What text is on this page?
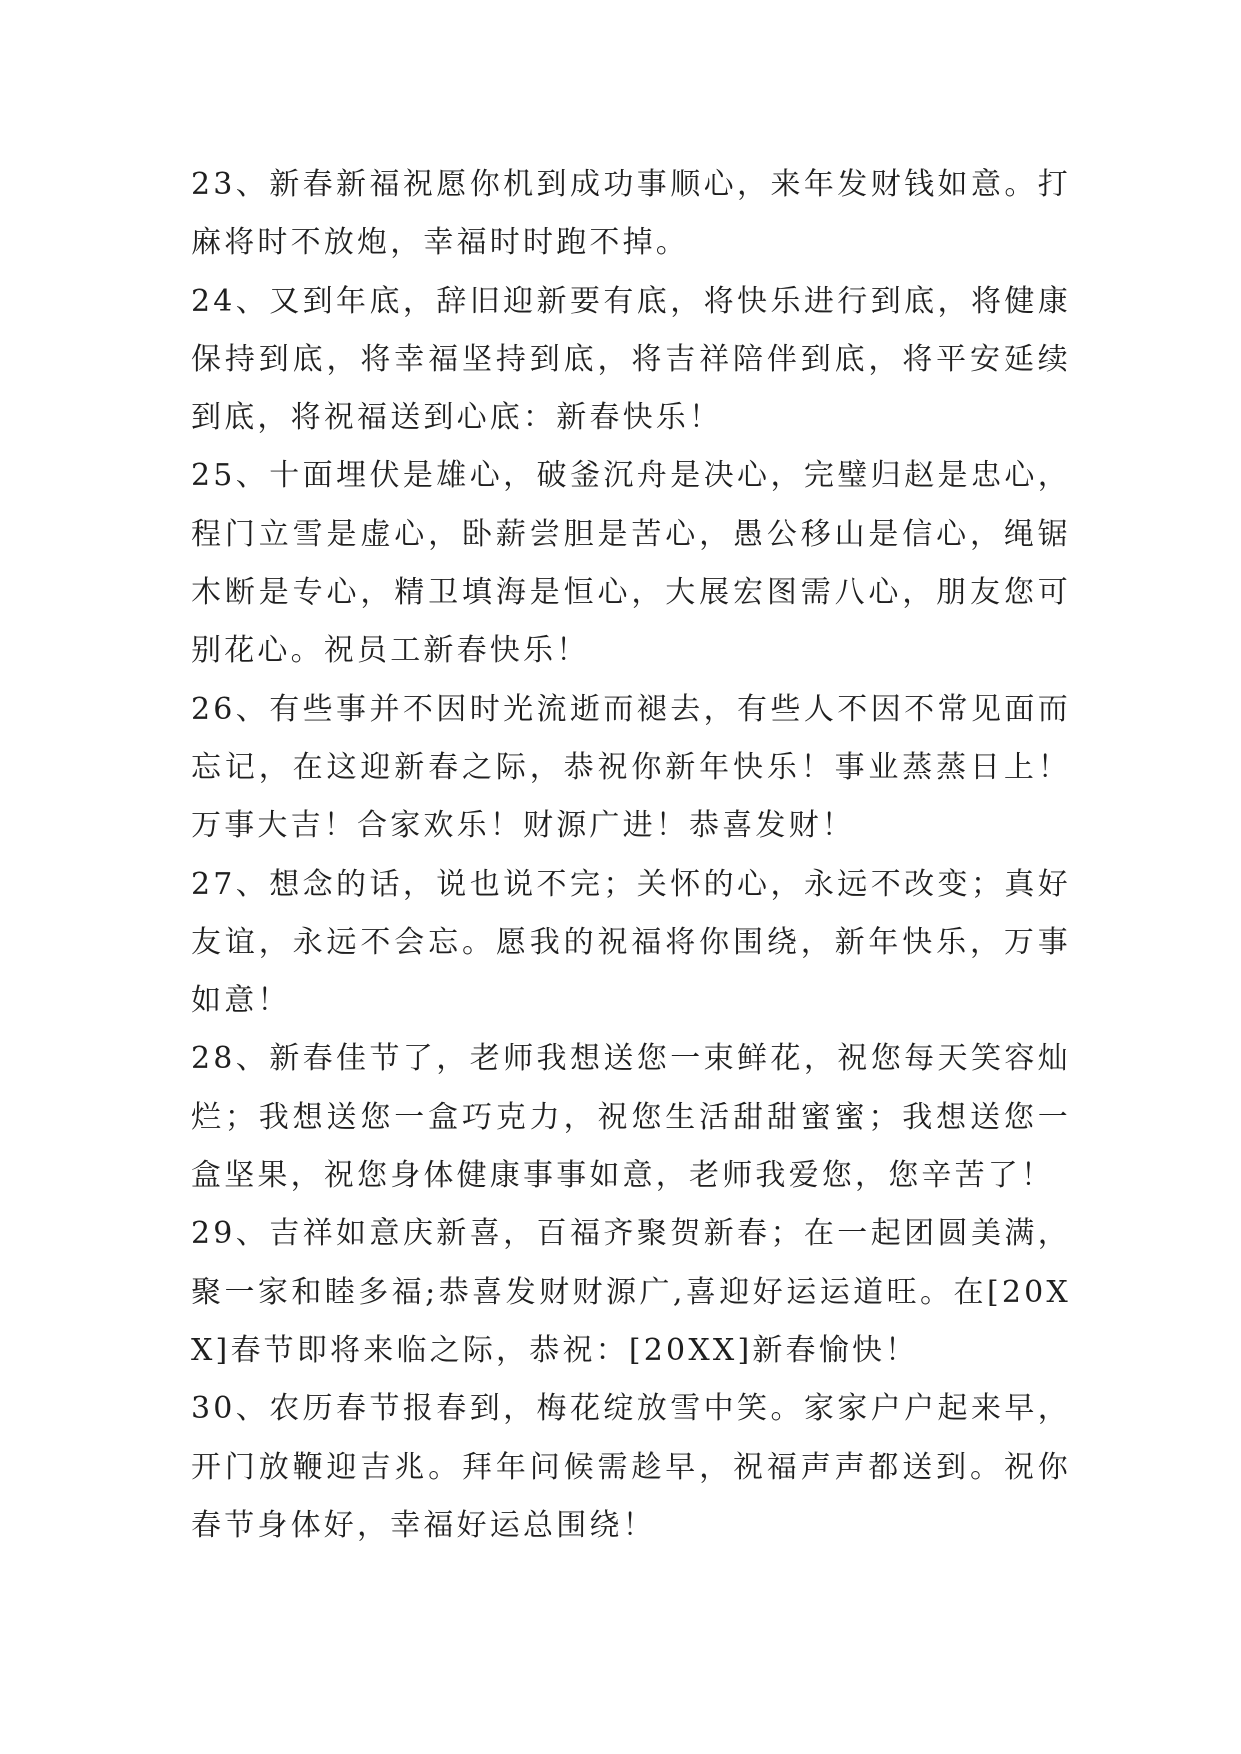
23、新春新福祝愿你机到成功事顺心，来年发财钱如意。打麻将时不放炮，幸福时时跑不掉。

24、又到年底，辞旧迎新要有底，将快乐进行到底，将健康保持到底，将幸福坚持到底，将吉祥陪伴到底，将平安延续到底，将祝福送到心底：新春快乐！

25、十面埋伏是雄心，破釜沉舟是决心，完璧归赵是忠心，程门立雪是虚心，卧薪尝胆是苦心，愚公移山是信心，绳锯木断是专心，精卫填海是恒心，大展宏图需八心，朋友您可别花心。祝员工新春快乐！

26、有些事并不因时光流逝而褪去，有些人不因不常见面而忘记，在这迎新春之际，恭祝你新年快乐！事业蒸蒸日上！万事大吉！合家欢乐！财源广进！恭喜发财！

27、想念的话，说也说不完；关怀的心，永远不改变；真好友谊，永远不会忘。愿我的祝福将你围绕，新年快乐，万事如意！

28、新春佳节了，老师我想送您一束鲜花，祝您每天笑容灿烂；我想送您一盒巧克力，祝您生活甜甜蜜蜜；我想送您一盒坚果，祝您身体健康事事如意，老师我爱您，您辛苦了！

29、吉祥如意庆新喜，百福齐聚贺新春；在一起团圆美满，聚一家和睦多福;恭喜发财财源广,喜迎好运运道旺。在[20XX]春节即将来临之际，恭祝：[20XX]新春愉快！

30、农历春节报春到，梅花绽放雪中笑。家家户户起来早，开门放鞭迎吉兆。拜年问候需趁早，祝福声声都送到。祝你春节身体好，幸福好运总围绕！
